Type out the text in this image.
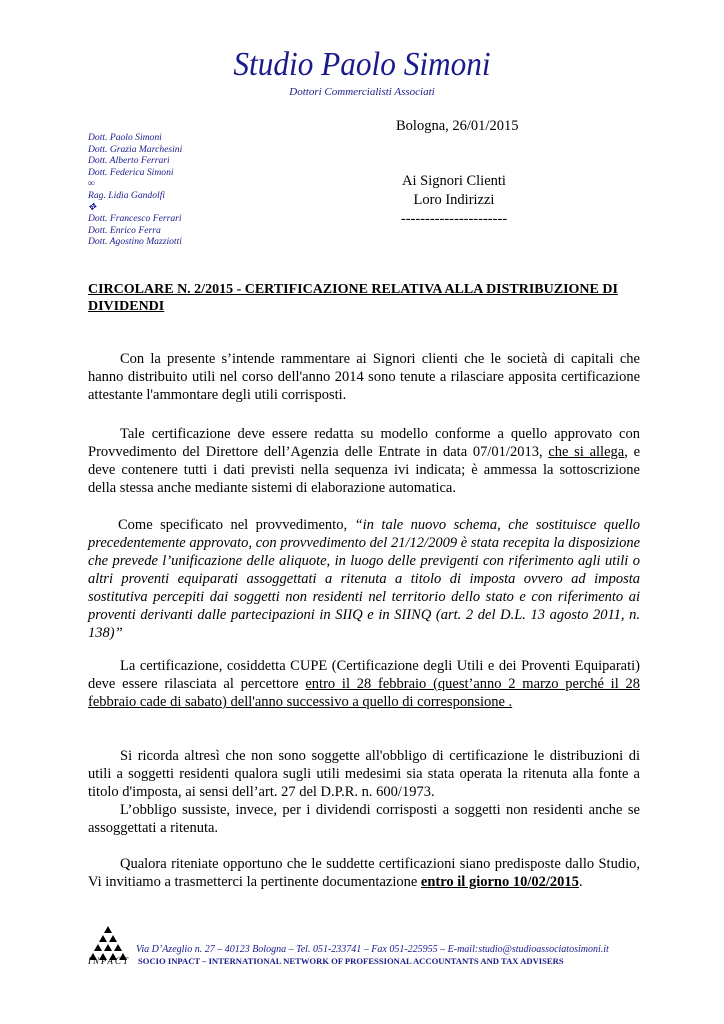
Studio Paolo Simoni
Dottori Commercialisti Associati
Dott. Paolo Simoni
Dott. Grazia Marchesini
Dott. Alberto Ferrari
Dott. Federica Simoni
∞
Rag. Lidia Gandolfi
✥
Dott. Francesco Ferrari
Dott. Enrico Ferra
Dott. Agostino Mazziotti
Bologna, 26/01/2015
Ai Signori Clienti
Loro Indirizzi
----------------------
CIRCOLARE N. 2/2015 - CERTIFICAZIONE RELATIVA ALLA DISTRIBUZIONE DI DIVIDENDI
Con la presente s’intende rammentare ai Signori clienti che le società di capitali che hanno distribuito utili nel corso dell'anno 2014 sono tenute a rilasciare apposita certificazione attestante l'ammontare degli utili corrisposti.
Tale certificazione deve essere redatta su modello conforme a quello approvato con Provvedimento del Direttore dell’Agenzia delle Entrate in data 07/01/2013, che si allega, e deve contenere tutti i dati previsti nella sequenza ivi indicata; è ammessa la sottoscrizione della stessa anche mediante sistemi di elaborazione automatica.
Come specificato nel provvedimento, “in tale nuovo schema, che sostituisce quello precedentemente approvato, con provvedimento del 21/12/2009 è stata recepita la disposizione che prevede l’unificazione delle aliquote, in luogo delle previgenti con riferimento agli utili o altri proventi equiparati assoggettati a ritenuta a titolo di imposta ovvero ad imposta sostitutiva percepiti dai soggetti non residenti nel territorio dello stato e con riferimento ai proventi derivanti dalle partecipazioni in SIIQ e in SIINQ (art. 2 del D.L. 13 agosto 2011, n. 138)”
La certificazione, cosiddetta CUPE (Certificazione degli Utili e dei Proventi Equiparati) deve essere rilasciata al percettore entro il 28 febbraio (quest’anno 2 marzo perché il 28 febbraio cade di sabato) dell'anno successivo a quello di corresponsione .
Si ricorda altresì che non sono soggette all'obbligo di certificazione le distribuzioni di utili a soggetti residenti qualora sugli utili medesimi sia stata operata la ritenuta alla fonte a titolo d'imposta, ai sensi dell’art. 27 del D.P.R. n. 600/1973.
L’obbligo sussiste, invece, per i dividendi corrisposti a soggetti non residenti anche se assoggettati a ritenuta.
Qualora riteniate opportuno che le suddette certificazioni siano predisposte dallo Studio, Vi invitiamo a trasmetterci la pertinente documentazione entro il giorno 10/02/2015.
Via D’Azeglio n. 27 – 40123 Bologna – Tel. 051-233741 – Fax 051-225955 – E-mail:studio@studioassociatosimoni.it
INPACT SOCIO INPACT – INTERNATIONAL NETWORK OF PROFESSIONAL ACCOUNTANTS AND TAX ADVISERS
